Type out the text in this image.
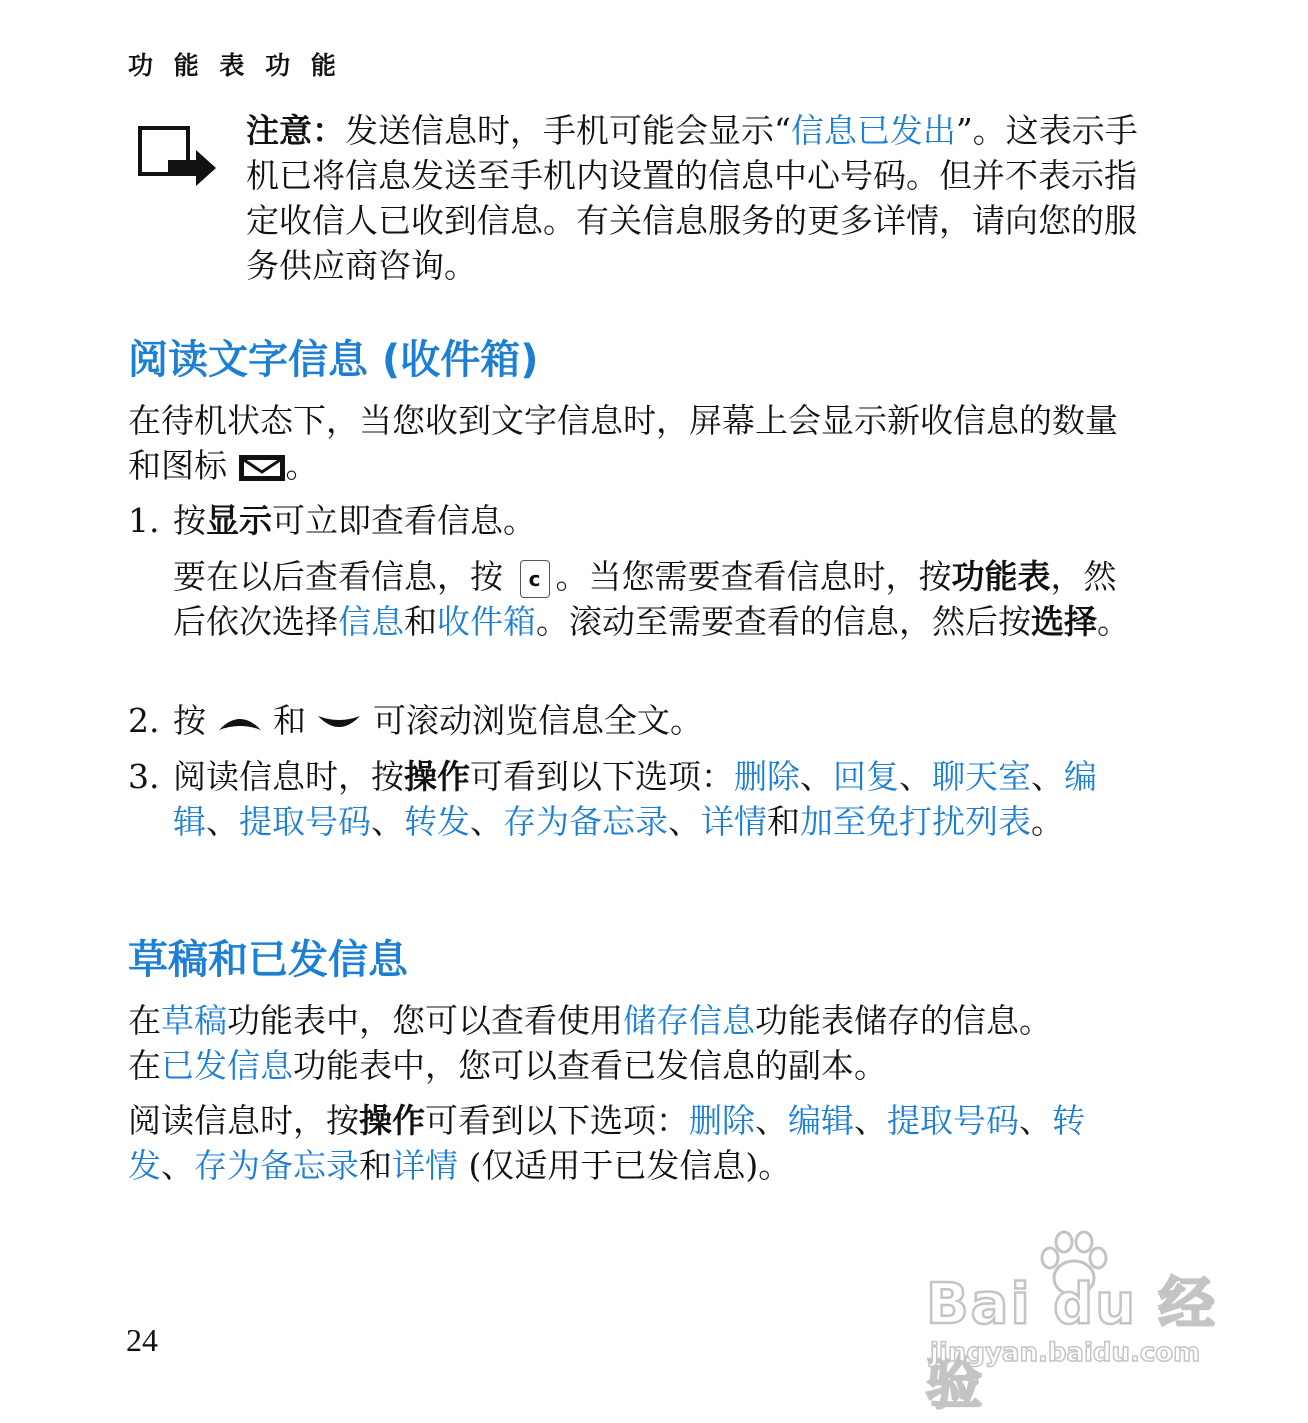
功 能 表 功 能
注意：发送信息时，手机可能会显示“信息已发出”。这表示手机已将信息发送至手机内设置的信息中心号码。但并不表示指定收信人已收到信息。有关信息服务的更多详情，请向您的服务供应商咨询。
阅读文字信息 (收件箱)
在待机状态下，当您收到文字信息时，屏幕上会显示新收信息的数量和图标 。
1. 按显示可立即查看信息。
要在以后查看信息，按 c 。当您需要查看信息时，按功能表，然后依次选择信息和收件箱。滚动至需要查看的信息，然后按选择。
2. 按  和  可滚动浏览信息全文。
3. 阅读信息时，按操作可看到以下选项：删除、回复、聊天室、编辑、提取号码、转发、存为备忘录、详情和加至免打扰列表。
草稿和已发信息
在草稿功能表中，您可以查看使用储存信息功能表储存的信息。
在已发信息功能表中，您可以查看已发信息的副本。
阅读信息时，按操作可看到以下选项：删除、编辑、提取号码、转发、存为备忘录和详情 (仅适用于已发信息)。
24
Bai du 经验
jingyan.baidu.com
